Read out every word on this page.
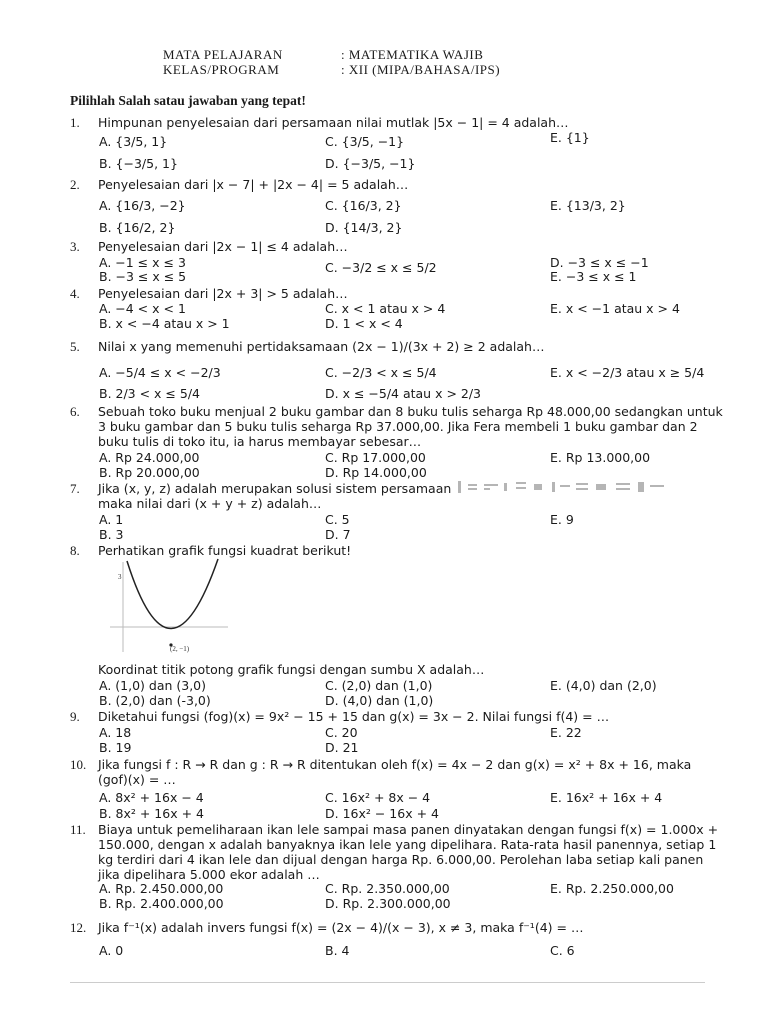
MATA PELAJARAN	: MATEMATIKA WAJIB
KELAS/PROGRAM	: XII (MIPA/BAHASA/IPS)
Pilihlah Salah satau jawaban yang tepat!
1. Himpunan penyelesaian dari persamaan nilai mutlak |5x − 1| = 4 adalah…
A. {3/5, 1}	C. {3/5, −1}	E. {1}
B. {−3/5, 1}	D. {−3/5, −1}
2. Penyelesaian dari |x − 7| + |2x − 4| = 5 adalah…
A. {16/3, −2}	C. {16/3, 2}	E. {13/3, 2}
B. {16/2, 2}	D. {14/3, 2}
3. Penyelesaian dari |2x − 1| ≤ 4 adalah…
A. −1 ≤ x ≤ 3	C. −3/2 ≤ x ≤ 5/2	D. −3 ≤ x ≤ −1
B. −3 ≤ x ≤ 5	E. −3 ≤ x ≤ 1
4. Penyelesaian dari |2x + 3| > 5 adalah…
A. −4 < x < 1	C. x < 1 atau x > 4	E. x < −1 atau x > 4
B. x < −4 atau x > 1	D. 1 < x < 4
5. Nilai x yang memenuhi pertidaksamaan (2x − 1)/(3x + 2) ≥ 2 adalah…
A. −5/4 ≤ x < −2/3	C. −2/3 < x ≤ 5/4	E. x < −2/3 atau x ≥ 5/4
B. 2/3 < x ≤ 5/4	D. x ≤ −5/4 atau x > 2/3
6. Sebuah toko buku menjual 2 buku gambar dan 8 buku tulis seharga Rp 48.000,00 sedangkan untuk
3 buku gambar dan 5 buku tulis seharga Rp 37.000,00. Jika Fera membeli 1 buku gambar dan 2
buku tulis di toko itu, ia harus membayar sebesar…
A. Rp 24.000,00	C. Rp 17.000,00	E. Rp 13.000,00
B. Rp 20.000,00	D. Rp 14.000,00
7. Jika (x, y, z) adalah merupakan solusi sistem persamaan
maka nilai dari (x + y + z) adalah…
A. 1	C. 5	E. 9
B. 3	D. 7
8. Perhatikan grafik fungsi kuadrat berikut!
3
(2, −1)
Koordinat titik potong grafik fungsi dengan sumbu X adalah…
A. (1,0) dan (3,0)	C. (2,0) dan (1,0)	E. (4,0) dan (2,0)
B. (2,0) dan (-3,0)	D. (4,0) dan (1,0)
9. Diketahui fungsi (fog)(x) = 9x² − 15 + 15 dan g(x) = 3x − 2. Nilai fungsi f(4) = …
A. 18	C. 20	E. 22
B. 19	D. 21
10. Jika fungsi f : R → R dan g : R → R ditentukan oleh f(x) = 4x − 2 dan g(x) = x² + 8x + 16, maka
(gof)(x) = …
A. 8x² + 16x − 4	C. 16x² + 8x − 4	E. 16x² + 16x + 4
B. 8x² + 16x + 4	D. 16x² − 16x + 4
11. Biaya untuk pemeliharaan ikan lele sampai masa panen dinyatakan dengan fungsi f(x) = 1.000x +
150.000, dengan x adalah banyaknya ikan lele yang dipelihara. Rata-rata hasil panennya, setiap 1
kg terdiri dari 4 ikan lele dan dijual dengan harga Rp. 6.000,00. Perolehan laba setiap kali panen
jika dipelihara 5.000 ekor adalah …
A. Rp. 2.450.000,00	C. Rp. 2.350.000,00	E. Rp. 2.250.000,00
B. Rp. 2.400.000,00	D. Rp. 2.300.000,00
12. Jika f⁻¹(x) adalah invers fungsi f(x) = (2x − 4)/(x − 3), x ≠ 3, maka f⁻¹(4) = …
A. 0	B. 4	C. 6
